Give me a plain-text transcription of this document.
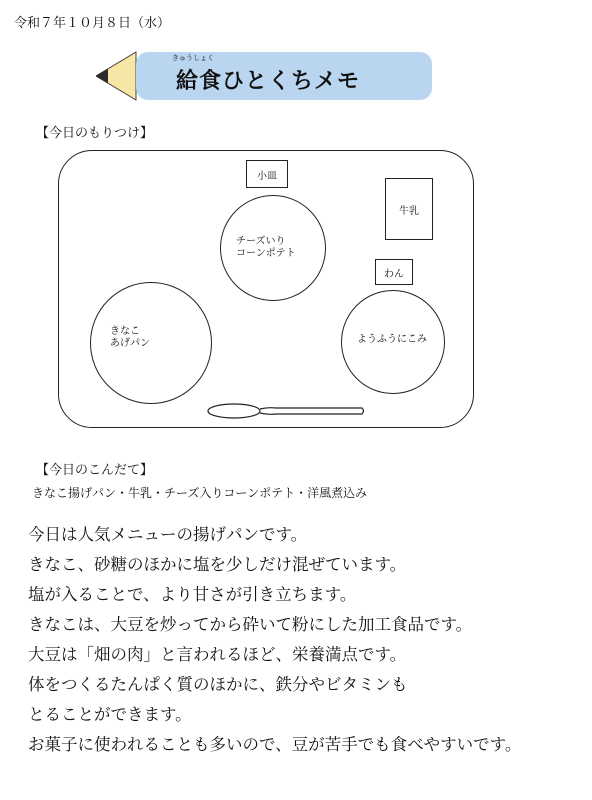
令和７年１０月８日（水）
きゅうしょく
給食ひとくちメモ
【今日のもりつけ】
小皿
チーズいり
コーンポテト
牛乳
わん
ようふうにこみ
きなこ
あげパン
【今日のこんだて】
きなこ揚げパン・牛乳・チーズ入りコーンポテト・洋風煮込み

今日は人気メニューの揚げパンです。

きなこ、砂糖のほかに塩を少しだけ混ぜています。

塩が入ることで、より甘さが引き立ちます。

きなこは、大豆を炒ってから砕いて粉にした加工食品です。

大豆は「畑の肉」と言われるほど、栄養満点です。

体をつくるたんぱく質のほかに、鉄分やビタミンも

とることができます。

お菓子に使われることも多いので、豆が苦手でも食べやすいです。
